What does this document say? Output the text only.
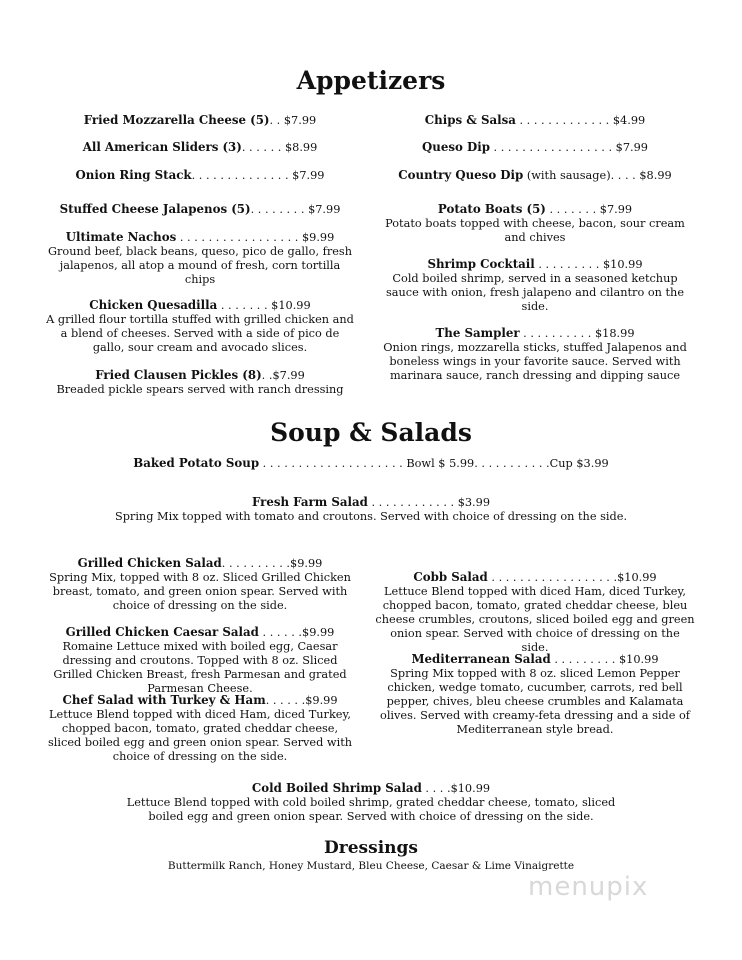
Appetizers
Fried Mozzarella Cheese (5). . $7.99
All American Sliders (3). . . . . . $8.99
Onion Ring Stack. . . . . . . . . . . . . . $7.99
Stuffed Cheese Jalapenos (5). . . . . . . . $7.99
Ultimate Nachos . . . . . . . . . . . . . . . . . $9.99
Ground beef, black beans, queso, pico de gallo, fresh jalapenos, all atop a mound of fresh, corn tortilla chips
Chicken Quesadilla . . . . . . . $10.99
A grilled flour tortilla stuffed with grilled chicken and a blend of cheeses. Served with a side of pico de gallo, sour cream and avocado slices.
Fried Clausen Pickles (8). .$7.99
Breaded pickle spears served with ranch dressing
Chips & Salsa . . . . . . . . . . . . . $4.99
Queso Dip . . . . . . . . . . . . . . . . . $7.99
Country Queso Dip (with sausage). . . . $8.99
Potato Boats (5) . . . . . . . $7.99
Potato boats topped with cheese, bacon, sour cream and chives
Shrimp Cocktail . . . . . . . . . $10.99
Cold boiled shrimp, served in a seasoned ketchup sauce with onion, fresh jalapeno and cilantro on the side.
The Sampler . . . . . . . . . . $18.99
Onion rings, mozzarella sticks, stuffed Jalapenos and boneless wings in your favorite sauce. Served with marinara sauce, ranch dressing and dipping sauce
Soup & Salads
Baked Potato Soup . . . . . . . . . . . . . . . . . . . . Bowl $ 5.99. . . . . . . . . . .Cup $3.99
Fresh Farm Salad . . . . . . . . . . . . $3.99
Spring Mix topped with tomato and croutons. Served with choice of dressing on the side.
Grilled Chicken Salad. . . . . . . . . .$9.99
Spring Mix, topped with 8 oz. Sliced Grilled Chicken breast, tomato, and green onion spear. Served with choice of dressing on the side.
Grilled Chicken Caesar Salad . . . . . .$9.99
Romaine Lettuce mixed with boiled egg, Caesar dressing and croutons. Topped with 8 oz. Sliced Grilled Chicken Breast, fresh Parmesan and grated Parmesan Cheese.
Chef Salad with Turkey & Ham. . . . . .$9.99
Lettuce Blend topped with diced Ham, diced Turkey, chopped bacon, tomato, grated cheddar cheese, sliced boiled egg and green onion spear. Served with choice of dressing on the side.
Cobb Salad . . . . . . . . . . . . . . . . . .$10.99
Lettuce Blend topped with diced Ham, diced Turkey, chopped bacon, tomato, grated cheddar cheese, bleu cheese crumbles, croutons, sliced boiled egg and green onion spear. Served with choice of dressing on the side.
Mediterranean Salad . . . . . . . . . $10.99
Spring Mix topped with 8 oz. sliced Lemon Pepper chicken, wedge tomato, cucumber, carrots, red bell pepper, chives, bleu cheese crumbles and Kalamata olives. Served with creamy-feta dressing and a side of Mediterranean style bread.
Cold Boiled Shrimp Salad . . . .$10.99
Lettuce Blend topped with cold boiled shrimp, grated cheddar cheese, tomato, sliced boiled egg and green onion spear. Served with choice of dressing on the side.
Dressings
Buttermilk Ranch, Honey Mustard, Bleu Cheese, Caesar & Lime Vinaigrette
menupix
